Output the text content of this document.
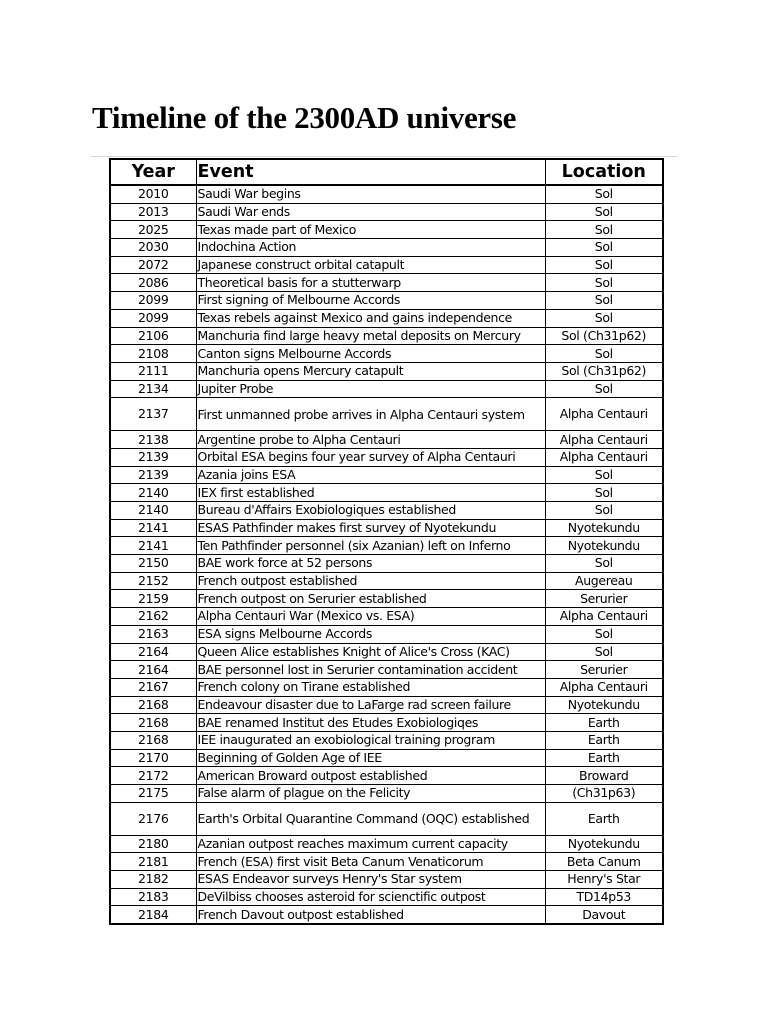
Timeline of the 2300AD universe
Year	Event	Location
2010	Saudi War begins	Sol
2013	Saudi War ends	Sol
2025	Texas made part of Mexico	Sol
2030	Indochina Action	Sol
2072	Japanese construct orbital catapult	Sol
2086	Theoretical basis for a stutterwarp	Sol
2099	First signing of Melbourne Accords	Sol
2099	Texas rebels against Mexico and gains independence	Sol
2106	Manchuria find large heavy metal deposits on Mercury	Sol (Ch31p62)
2108	Canton signs Melbourne Accords	Sol
2111	Manchuria opens Mercury catapult	Sol (Ch31p62)
2134	Jupiter Probe	Sol
2137	First unmanned probe arrives in Alpha Centauri system	Alpha Centauri
2138	Argentine probe to Alpha Centauri	Alpha Centauri
2139	Orbital ESA begins four year survey of Alpha Centauri	Alpha Centauri
2139	Azania joins ESA	Sol
2140	IEX first established	Sol
2140	Bureau d'Affairs Exobiologiques established	Sol
2141	ESAS Pathfinder makes first survey of Nyotekundu	Nyotekundu
2141	Ten Pathfinder personnel (six Azanian) left on Inferno	Nyotekundu
2150	BAE work force at 52 persons	Sol
2152	French outpost established	Augereau
2159	French outpost on Serurier established	Serurier
2162	Alpha Centauri War (Mexico vs. ESA)	Alpha Centauri
2163	ESA signs Melbourne Accords	Sol
2164	Queen Alice establishes Knight of Alice's Cross (KAC)	Sol
2164	BAE personnel lost in Serurier contamination accident	Serurier
2167	French colony on Tirane established	Alpha Centauri
2168	Endeavour disaster due to LaFarge rad screen failure	Nyotekundu
2168	BAE renamed Institut des Etudes Exobiologiqes	Earth
2168	IEE inaugurated an exobiological training program	Earth
2170	Beginning of Golden Age of IEE	Earth
2172	American Broward outpost established	Broward
2175	False alarm of plague on the Felicity	(Ch31p63)
2176	Earth's Orbital Quarantine Command (OQC) established	Earth
2180	Azanian outpost reaches maximum current capacity	Nyotekundu
2181	French (ESA) first visit Beta Canum Venaticorum	Beta Canum
2182	ESAS Endeavor surveys Henry's Star system	Henry's Star
2183	DeVilbiss chooses asteroid for scienctific outpost	TD14p53
2184	French Davout outpost established	Davout
